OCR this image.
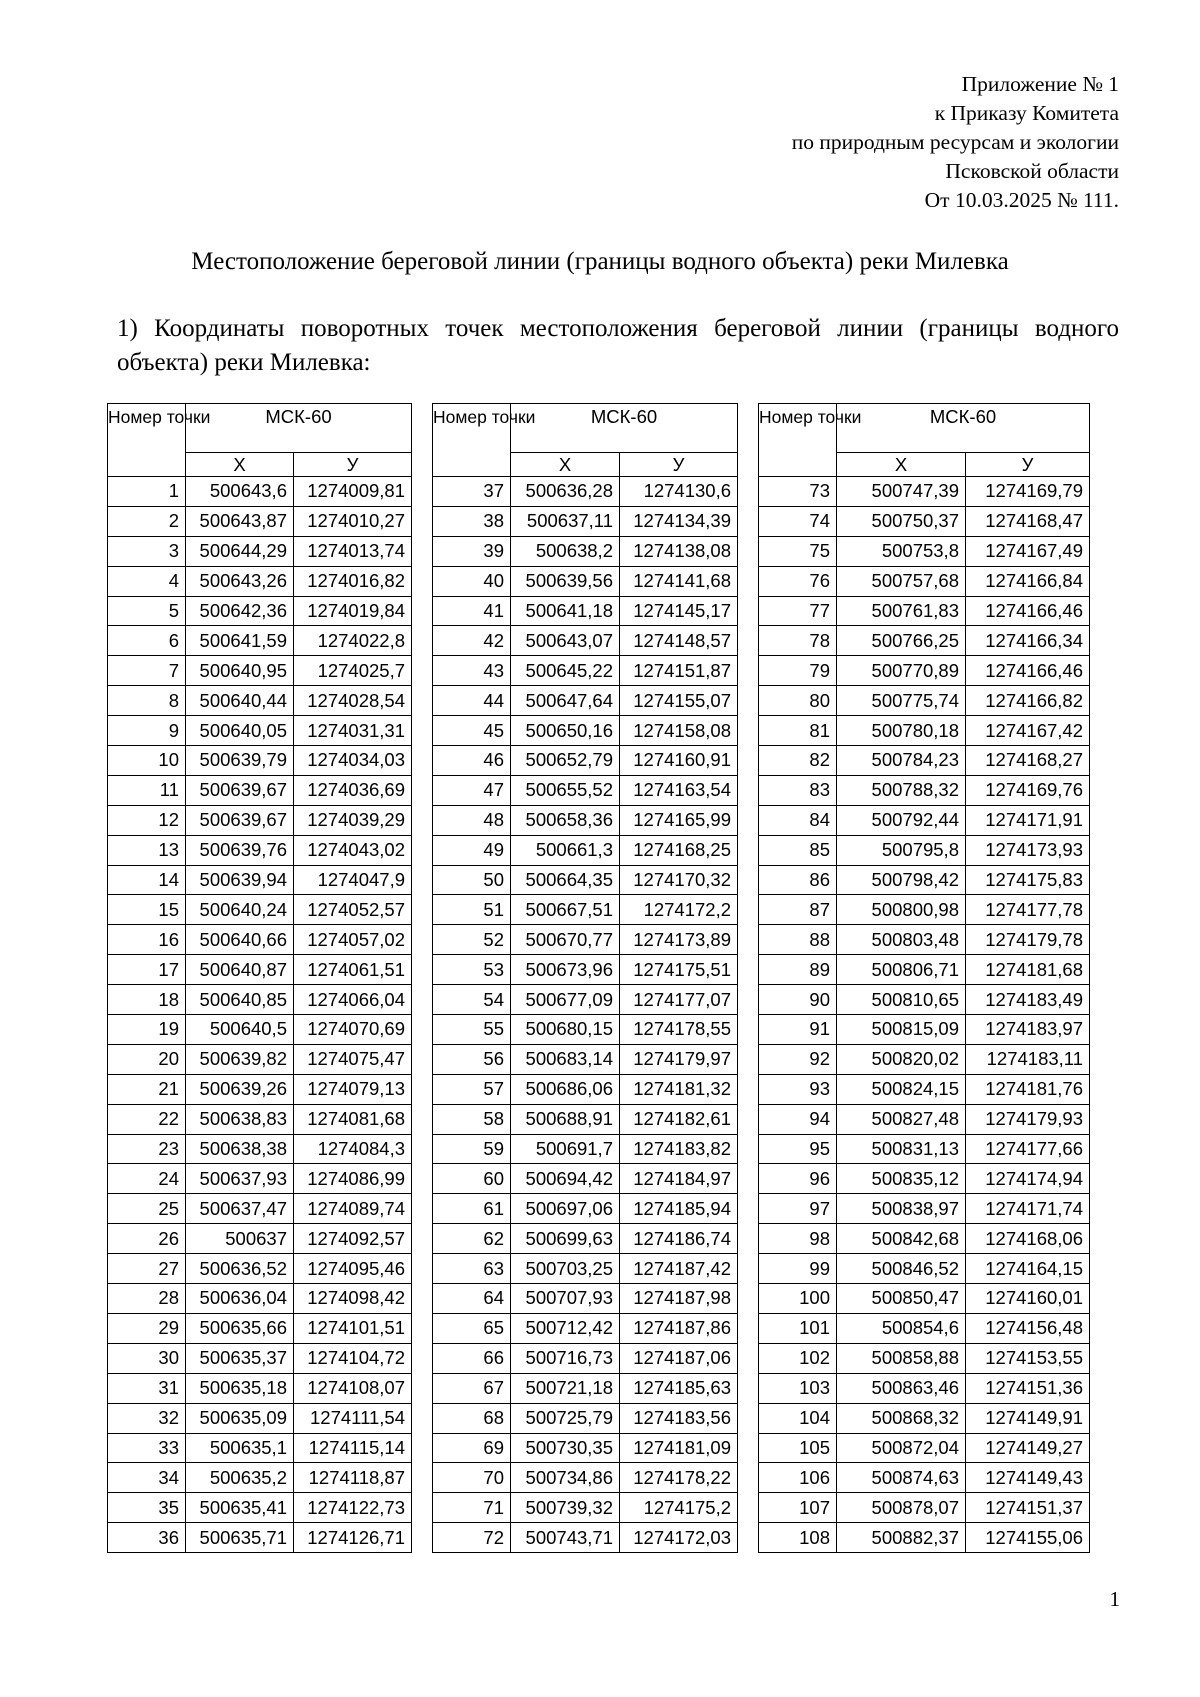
Приложение № 1
к Приказу Комитета
по природным ресурсам и экологии
Псковской области
От 10.03.2025 № 111.
Местоположение береговой линии (границы водного объекта) реки Милевка
1) Координаты поворотных точек местоположения береговой линии (границы водного объекта) реки Милевка:
Номер точки	МСК-60	
	Х	У
1	500643,6	1274009,81
2	500643,87	1274010,27
3	500644,29	1274013,74
4	500643,26	1274016,82
5	500642,36	1274019,84
6	500641,59	1274022,8
7	500640,95	1274025,7
8	500640,44	1274028,54
9	500640,05	1274031,31
10	500639,79	1274034,03
11	500639,67	1274036,69
12	500639,67	1274039,29
13	500639,76	1274043,02
14	500639,94	1274047,9
15	500640,24	1274052,57
16	500640,66	1274057,02
17	500640,87	1274061,51
18	500640,85	1274066,04
19	500640,5	1274070,69
20	500639,82	1274075,47
21	500639,26	1274079,13
22	500638,83	1274081,68
23	500638,38	1274084,3
24	500637,93	1274086,99
25	500637,47	1274089,74
26	500637	1274092,57
27	500636,52	1274095,46
28	500636,04	1274098,42
29	500635,66	1274101,51
30	500635,37	1274104,72
31	500635,18	1274108,07
32	500635,09	1274111,54
33	500635,1	1274115,14
34	500635,2	1274118,87
35	500635,41	1274122,73
36	500635,71	1274126,71
Номер точки	МСК-60	
	Х	У
37	500636,28	1274130,6
38	500637,11	1274134,39
39	500638,2	1274138,08
40	500639,56	1274141,68
41	500641,18	1274145,17
42	500643,07	1274148,57
43	500645,22	1274151,87
44	500647,64	1274155,07
45	500650,16	1274158,08
46	500652,79	1274160,91
47	500655,52	1274163,54
48	500658,36	1274165,99
49	500661,3	1274168,25
50	500664,35	1274170,32
51	500667,51	1274172,2
52	500670,77	1274173,89
53	500673,96	1274175,51
54	500677,09	1274177,07
55	500680,15	1274178,55
56	500683,14	1274179,97
57	500686,06	1274181,32
58	500688,91	1274182,61
59	500691,7	1274183,82
60	500694,42	1274184,97
61	500697,06	1274185,94
62	500699,63	1274186,74
63	500703,25	1274187,42
64	500707,93	1274187,98
65	500712,42	1274187,86
66	500716,73	1274187,06
67	500721,18	1274185,63
68	500725,79	1274183,56
69	500730,35	1274181,09
70	500734,86	1274178,22
71	500739,32	1274175,2
72	500743,71	1274172,03
Номер точки	МСК-60	
	Х	У
73	500747,39	1274169,79
74	500750,37	1274168,47
75	500753,8	1274167,49
76	500757,68	1274166,84
77	500761,83	1274166,46
78	500766,25	1274166,34
79	500770,89	1274166,46
80	500775,74	1274166,82
81	500780,18	1274167,42
82	500784,23	1274168,27
83	500788,32	1274169,76
84	500792,44	1274171,91
85	500795,8	1274173,93
86	500798,42	1274175,83
87	500800,98	1274177,78
88	500803,48	1274179,78
89	500806,71	1274181,68
90	500810,65	1274183,49
91	500815,09	1274183,97
92	500820,02	1274183,11
93	500824,15	1274181,76
94	500827,48	1274179,93
95	500831,13	1274177,66
96	500835,12	1274174,94
97	500838,97	1274171,74
98	500842,68	1274168,06
99	500846,52	1274164,15
100	500850,47	1274160,01
101	500854,6	1274156,48
102	500858,88	1274153,55
103	500863,46	1274151,36
104	500868,32	1274149,91
105	500872,04	1274149,27
106	500874,63	1274149,43
107	500878,07	1274151,37
108	500882,37	1274155,06
1
